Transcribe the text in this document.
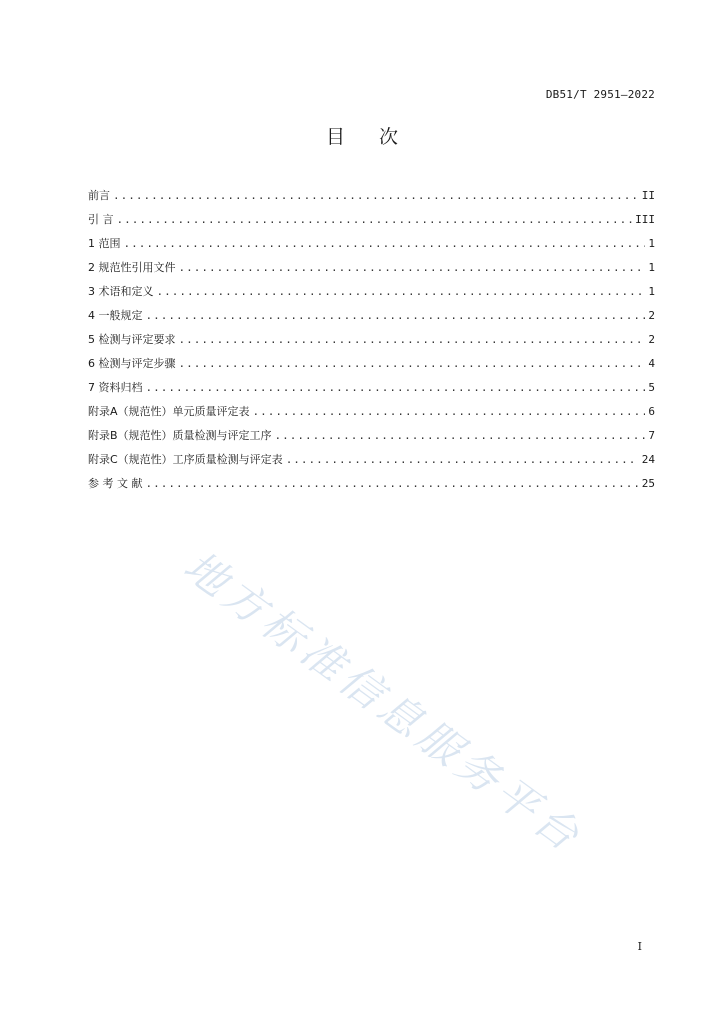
DB51/T 2951—2022
目 次
前言 .....	II
引 言 .....	III
1 范围 .....	1
2 规范性引用文件 .....	1
3 术语和定义 .....	1
4 一般规定 .....	2
5 检测与评定要求 .....	2
6 检测与评定步骤 .....	4
7 资料归档 .....	5
附录A（规范性）单元质量评定表 .....	6
附录B（规范性）质量检测与评定工序 .....	7
附录C（规范性）工序质量检测与评定表 .....	24
参 考 文 献 .....	25
地方标准信息服务平台
I
